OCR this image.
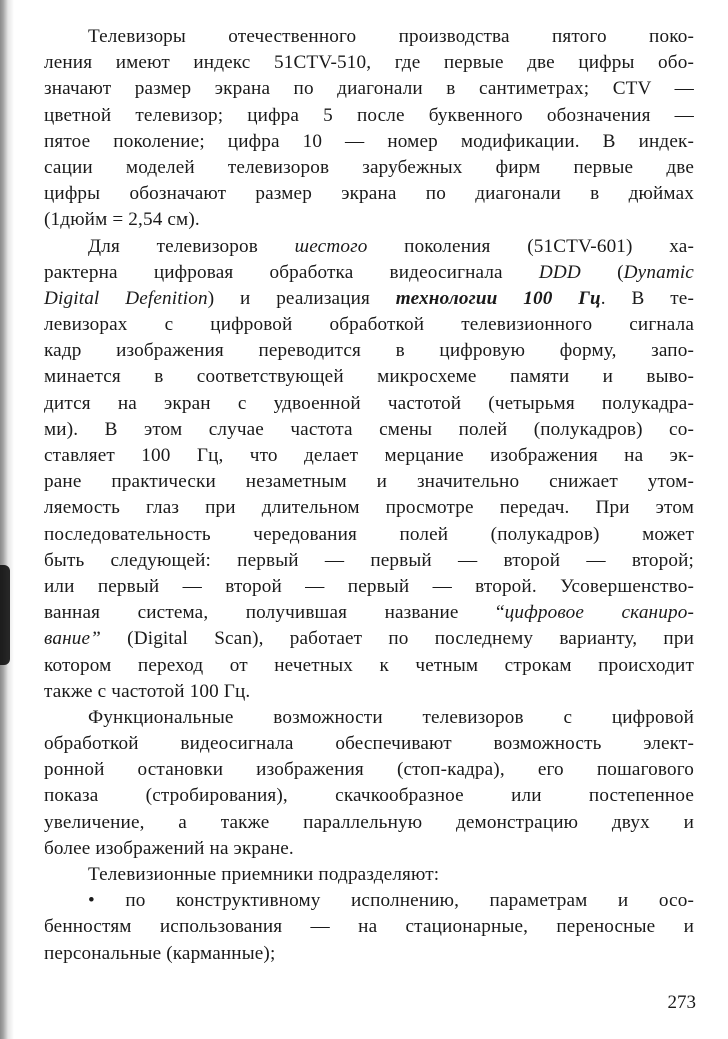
Телевизоры отечественного производства пятого поко-
ления имеют индекс 51CTV-510, где первые две цифры обо-
значают размер экрана по диагонали в сантиметрах; CTV —
цветной телевизор; цифра 5 после буквенного обозначения —
пятое поколение; цифра 10 — номер модификации. В индек-
сации моделей телевизоров зарубежных фирм первые две
цифры обозначают размер экрана по диагонали в дюймах
(1дюйм = 2,54 см).
Для телевизоров шестого поколения (51CTV-601) ха-
рактерна цифровая обработка видеосигнала DDD (Dynamic
Digital Defenition) и реализация технологии 100 Гц. В те-
левизорах с цифровой обработкой телевизионного сигнала
кадр изображения переводится в цифровую форму, запо-
минается в соответствующей микросхеме памяти и выво-
дится на экран с удвоенной частотой (четырьмя полукадра-
ми). В этом случае частота смены полей (полукадров) со-
ставляет 100 Гц, что делает мерцание изображения на эк-
ране практически незаметным и значительно снижает утом-
ляемость глаз при длительном просмотре передач. При этом
последовательность чередования полей (полукадров) может
быть следующей: первый — первый — второй — второй;
или первый — второй — первый — второй. Усовершенство-
ванная система, получившая название “цифровое сканиро-
вание” (Digital Scan), работает по последнему варианту, при
котором переход от нечетных к четным строкам происходит
также с частотой 100 Гц.
Функциональные возможности телевизоров с цифровой
обработкой видеосигнала обеспечивают возможность элект-
ронной остановки изображения (стоп-кадра), его пошагового
показа (стробирования), скачкообразное или постепенное
увеличение, а также параллельную демонстрацию двух и
более изображений на экране.
Телевизионные приемники подразделяют:
• по конструктивному исполнению, параметрам и осо-
бенностям использования — на стационарные, переносные и
персональные (карманные);
273
